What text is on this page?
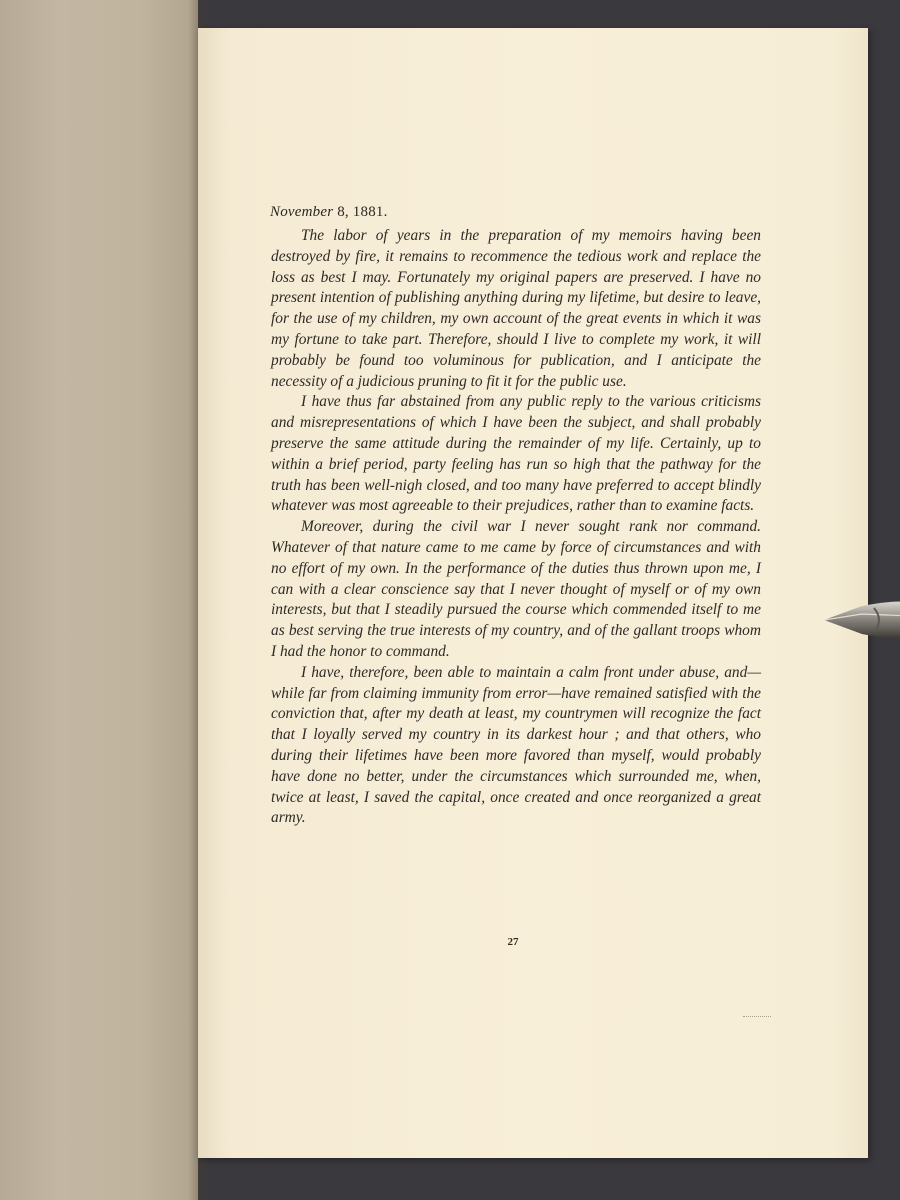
November 8, 1881.

The labor of years in the preparation of my memoirs having been destroyed by fire, it remains to recommence the tedious work and replace the loss as best I may. Fortunately my original papers are preserved. I have no present intention of publishing anything during my lifetime, but desire to leave, for the use of my children, my own account of the great events in which it was my fortune to take part. Therefore, should I live to complete my work, it will probably be found too voluminous for publication, and I anticipate the necessity of a judicious pruning to fit it for the public use.

I have thus far abstained from any public reply to the various criticisms and misrepresentations of which I have been the subject, and shall probably preserve the same attitude during the remainder of my life. Certainly, up to within a brief period, party feeling has run so high that the pathway for the truth has been well-nigh closed, and too many have preferred to accept blindly whatever was most agreeable to their prejudices, rather than to examine facts.

Moreover, during the civil war I never sought rank nor command. Whatever of that nature came to me came by force of circumstances and with no effort of my own. In the performance of the duties thus thrown upon me, I can with a clear conscience say that I never thought of myself or of my own interests, but that I steadily pursued the course which commended itself to me as best serving the true interests of my country, and of the gallant troops whom I had the honor to command.

I have, therefore, been able to maintain a calm front under abuse, and—while far from claiming immunity from error—have remained satisfied with the conviction that, after my death at least, my countrymen will recognize the fact that I loyally served my country in its darkest hour ; and that others, who during their lifetimes have been more favored than myself, would probably have done no better, under the circumstances which surrounded me, when, twice at least, I saved the capital, once created and once reorganized a great army.

27
